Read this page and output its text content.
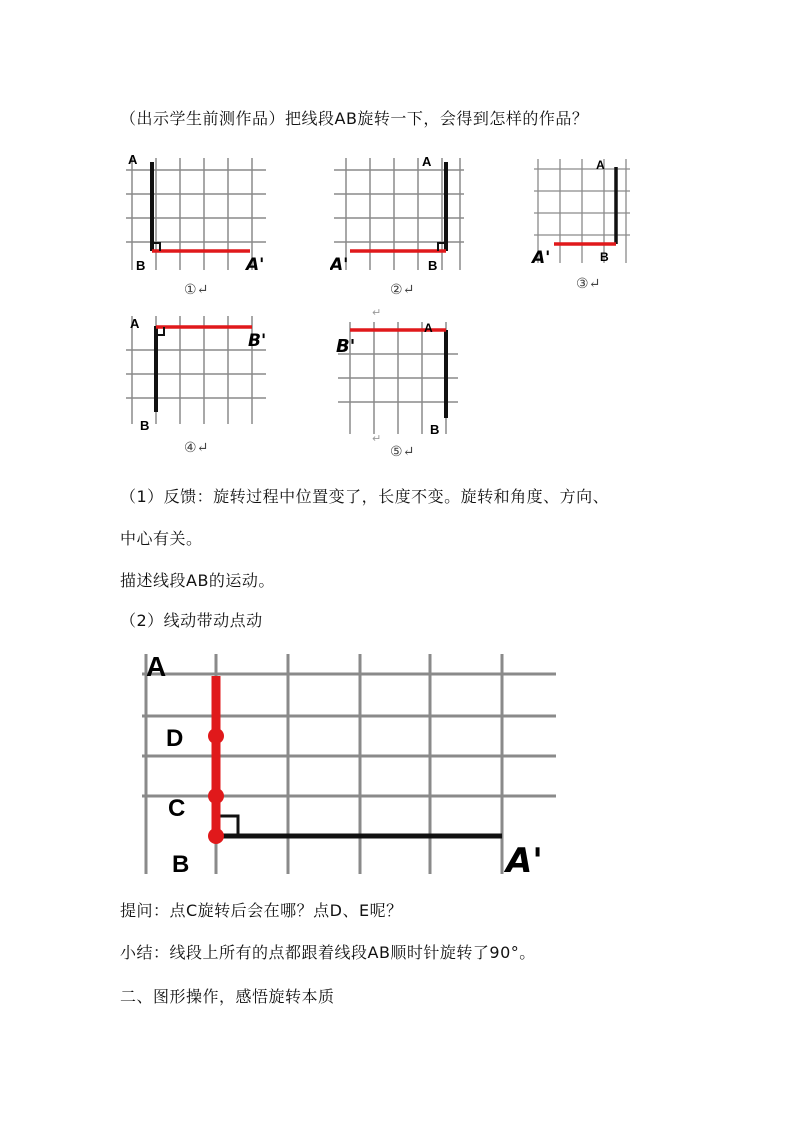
（出示学生前测作品）把线段AB旋转一下，会得到怎样的作品？
A
B	A'
①↵
A
B
A'
②↵
A
B
A'
③↵
A
B
B'
④↵
↵
A
B
B'
↵
⑤↵
（1）反馈：旋转过程中位置变了，长度不变。旋转和角度、方向、
中心有关。
描述线段AB的运动。
（2）线动带动点动
A
D
C
B	A'
提问：点C旋转后会在哪？点D、E呢？
小结：线段上所有的点都跟着线段AB顺时针旋转了90°。
二、图形操作，感悟旋转本质
